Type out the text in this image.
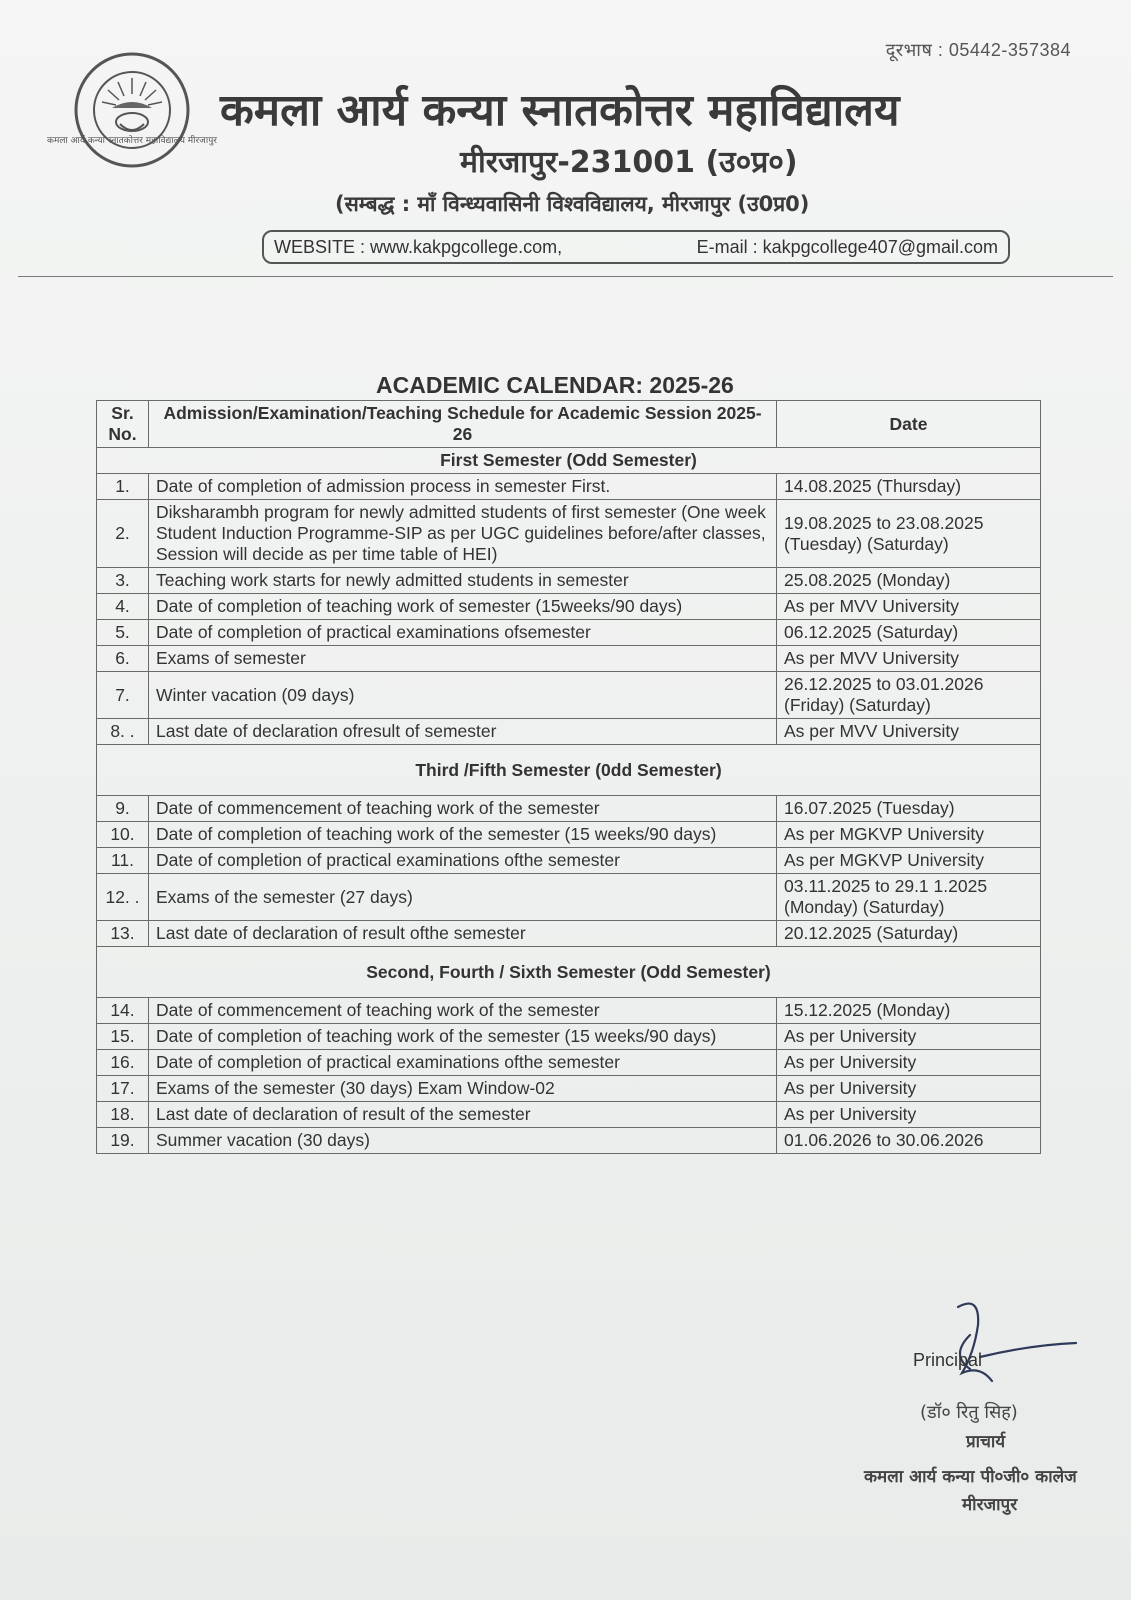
दूरभाष : 05442-357384
कमला आर्य कन्या स्नातकोत्तर महाविद्यालय मीरजापुर
कमला आर्य कन्या स्नातकोत्तर महाविद्यालय
मीरजापुर-231001 (उ०प्र०)
(सम्बद्ध : माँ विन्ध्यवासिनी विश्वविद्यालय, मीरजापुर (उ0प्र0)
WEBSITE : www.kakpgcollege.com,	E-mail : kakpgcollege407@gmail.com
ACADEMIC CALENDAR: 2025-26
Sr. No.	Admission/Examination/Teaching Schedule for Academic Session 2025-26	Date
First Semester (Odd Semester)		
1.	Date of completion of admission process in semester First.	14.08.2025 (Thursday)
2.	Diksharambh program for newly admitted students of first semester (One week Student Induction Programme-SIP as per UGC guidelines before/after classes, Session will decide as per time table of HEI)	19.08.2025 to 23.08.2025 (Tuesday) (Saturday)
3.	Teaching work starts for newly admitted students in semester	25.08.2025 (Monday)
4.	Date of completion of teaching work of semester (15weeks/90 days)	As per MVV University
5.	Date of completion of practical examinations ofsemester	06.12.2025 (Saturday)
6.	Exams of semester	As per MVV University
7.	Winter vacation (09 days)	26.12.2025 to 03.01.2026 (Friday) (Saturday)
8. .	Last date of declaration ofresult of semester	As per MVV University
Third /Fifth Semester (0dd Semester)		
9.	Date of commencement of teaching work of the semester	16.07.2025 (Tuesday)
10.	Date of completion of teaching work of the semester (15 weeks/90 days)	As per MGKVP University
11.	Date of completion of practical examinations ofthe semester	As per MGKVP University
12. .	Exams of the semester (27 days)	03.11.2025 to 29.1 1.2025 (Monday) (Saturday)
13.	Last date of declaration of result ofthe semester	20.12.2025 (Saturday)
Second, Fourth / Sixth Semester (Odd Semester)		
14.	Date of commencement of teaching work of the semester	15.12.2025 (Monday)
15.	Date of completion of teaching work of the semester (15 weeks/90 days)	As per University
16.	Date of completion of practical examinations ofthe semester	As per University
17.	Exams of the semester (30 days) Exam Window-02	As per University
18.	Last date of declaration of result of the semester	As per University
19.	Summer vacation (30 days)	01.06.2026 to 30.06.2026
Principal
(डॉ० रितु सिह)
प्राचार्य
कमला आर्य कन्या पी०जी० कालेज
मीरजापुर
